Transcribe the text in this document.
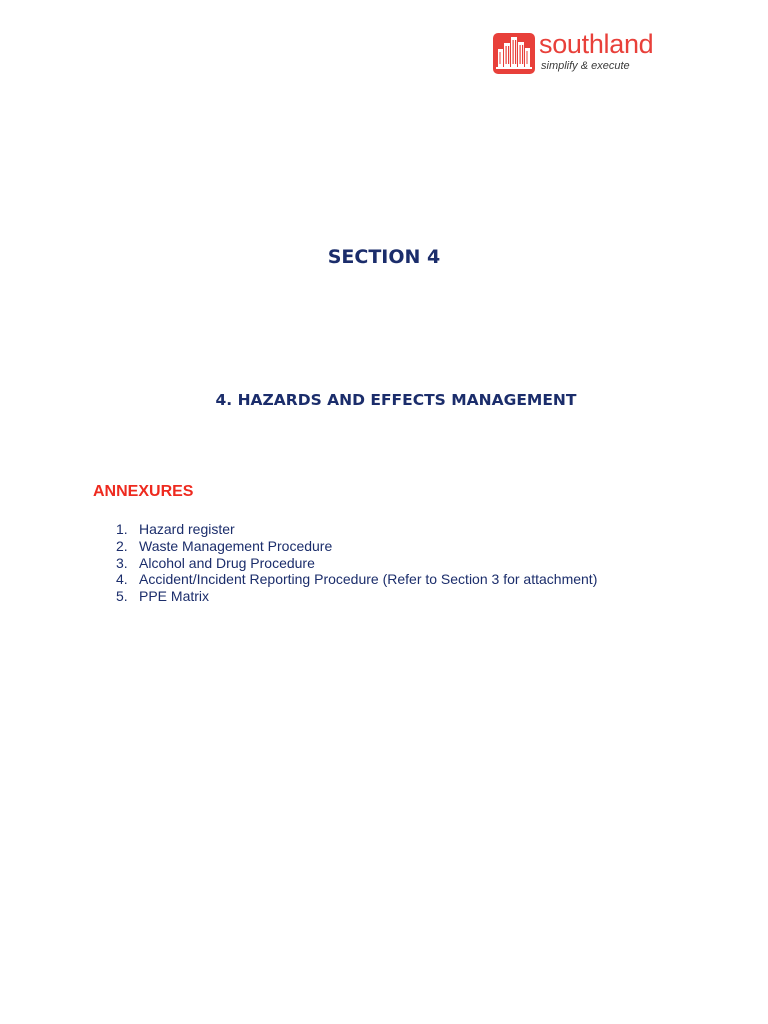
southland
simplify & execute
SECTION 4
4. HAZARDS AND EFFECTS MANAGEMENT
ANNEXURES
1. Hazard register
2. Waste Management Procedure
3. Alcohol and Drug Procedure
4. Accident/Incident Reporting Procedure (Refer to Section 3 for attachment)
5. PPE Matrix
